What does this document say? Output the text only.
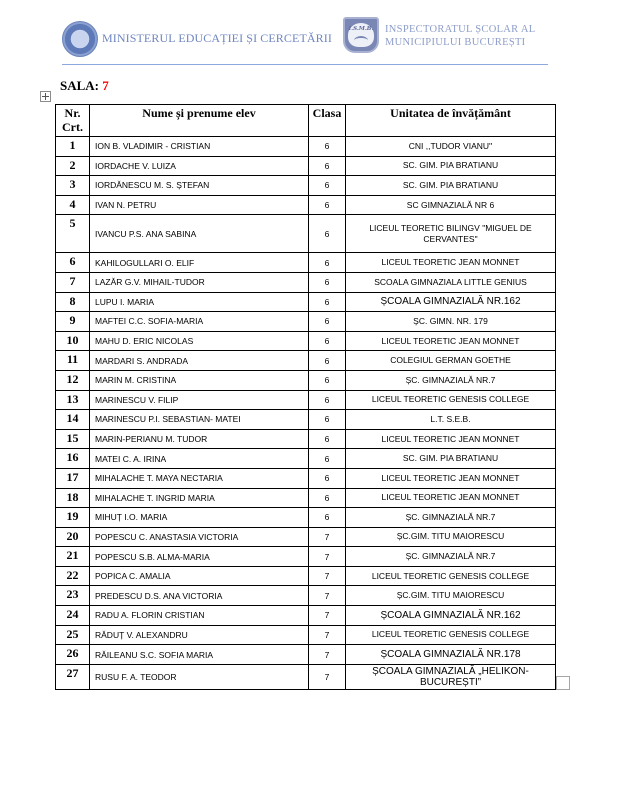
MINISTERUL EDUCAȚIEI ȘI CERCETĂRII
I.S.M.B.	INSPECTORATUL ȘCOLAR AL
MUNICIPIULUI BUCUREȘTI
SALA: 7
Nr. Crt.	Nume și prenume elev	Clasa	Unitatea de învățământ
1	ION B. VLADIMIR - CRISTIAN	6	CNI ,,TUDOR VIANU''
2	IORDACHE V. LUIZA	6	SC. GIM. PIA BRATIANU
3	IORDĂNESCU M. S. ȘTEFAN	6	SC. GIM. PIA BRATIANU
4	IVAN N. PETRU	6	SC GIMNAZIALĂ NR 6
5	IVANCU P.S. ANA SABINA	6	LICEUL TEORETIC BILINGV "MIGUEL DE CERVANTES"
6	KAHILOGULLARI O. ELIF	6	LICEUL TEORETIC JEAN MONNET
7	LAZĂR G.V. MIHAIL-TUDOR	6	SCOALA GIMNAZIALA LITTLE GENIUS
8	LUPU I. MARIA	6	ȘCOALA GIMNAZIALĂ NR.162
9	MAFTEI C.C. SOFIA-MARIA	6	ȘC. GIMN. NR. 179
10	MAHU D. ERIC NICOLAS	6	LICEUL TEORETIC JEAN MONNET
11	MARDARI S. ANDRADA	6	COLEGIUL GERMAN GOETHE
12	MARIN M. CRISTINA	6	ȘC. GIMNAZIALĂ NR.7
13	MARINESCU V. FILIP	6	LICEUL TEORETIC GENESIS COLLEGE
14	MARINESCU P.I. SEBASTIAN- MATEI	6	L.T. S.E.B.
15	MARIN-PERIANU M. TUDOR	6	LICEUL TEORETIC JEAN MONNET
16	MATEI C. A. IRINA	6	SC. GIM. PIA BRATIANU
17	MIHALACHE T. MAYA NECTARIA	6	LICEUL TEORETIC JEAN MONNET
18	MIHALACHE T. INGRID MARIA	6	LICEUL TEORETIC JEAN MONNET
19	MIHUȚ I.O. MARIA	6	ȘC. GIMNAZIALĂ NR.7
20	POPESCU C. ANASTASIA VICTORIA	7	ȘC.GIM. TITU MAIORESCU
21	POPESCU S.B. ALMA-MARIA	7	ȘC. GIMNAZIALĂ NR.7
22	POPICA C. AMALIA	7	LICEUL TEORETIC GENESIS COLLEGE
23	PREDESCU D.S. ANA VICTORIA	7	ȘC.GIM. TITU MAIORESCU
24	RADU A. FLORIN CRISTIAN	7	ȘCOALA GIMNAZIALĂ NR.162
25	RĂDUȚ V. ALEXANDRU	7	LICEUL TEORETIC GENESIS COLLEGE
26	RĂILEANU S.C. SOFIA MARIA	7	ȘCOALA GIMNAZIALĂ NR.178
27	RUSU F. A. TEODOR	7	ȘCOALA GIMNAZIALĂ „HELIKON-BUCUREȘTI”
